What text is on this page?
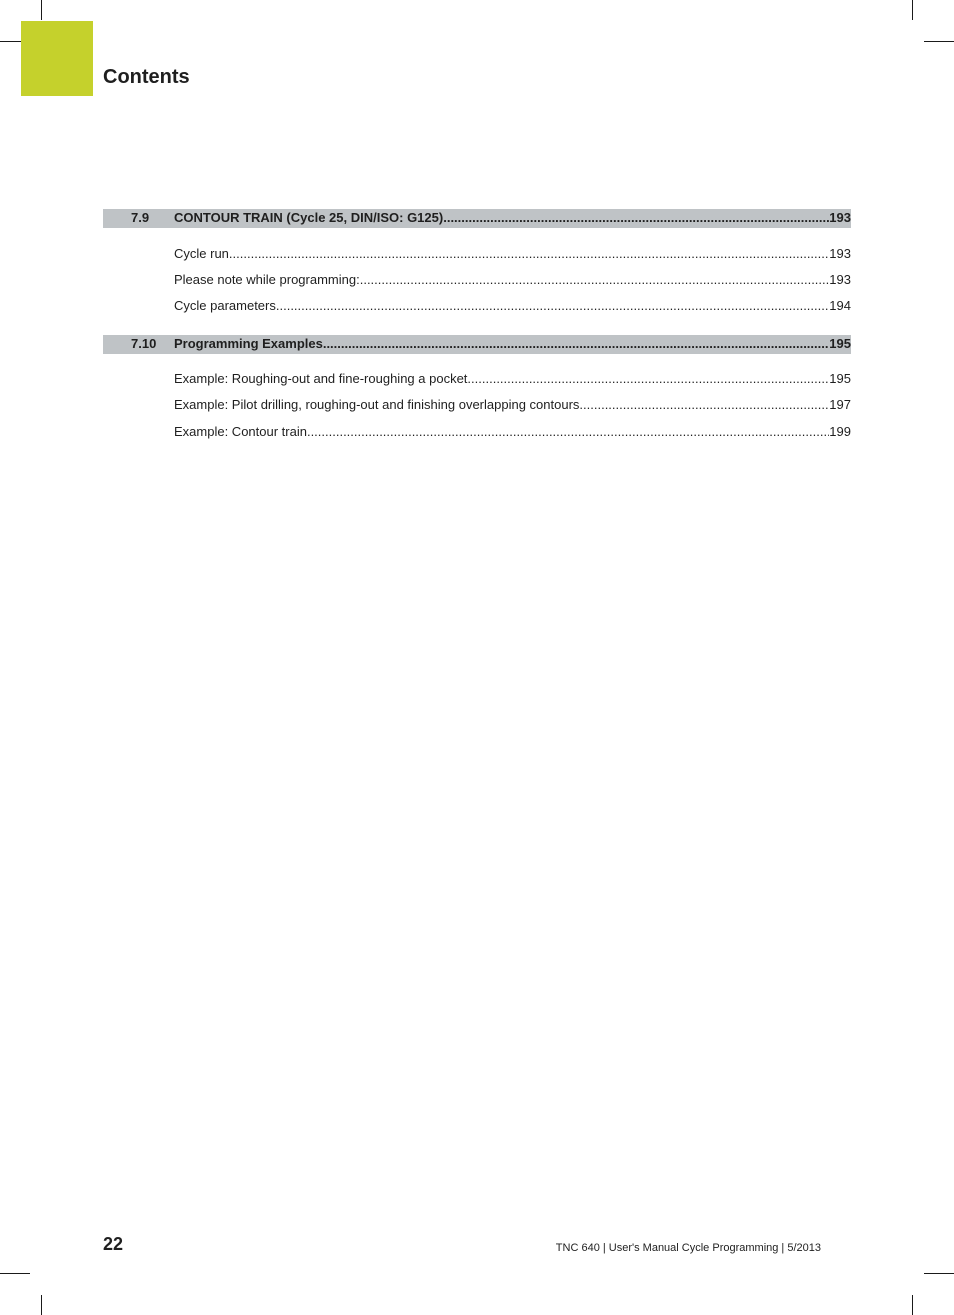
Contents
7.9 CONTOUR TRAIN (Cycle 25, DIN/ISO: G125) .....	193
Cycle run .....	193
Please note while programming: .....	193
Cycle parameters .....	194
7.10 Programming Examples .....	195
Example: Roughing-out and fine-roughing a pocket .....	195
Example: Pilot drilling, roughing-out and finishing overlapping contours .....	197
Example: Contour train .....	199
22	TNC 640 | User's Manual Cycle Programming | 5/2013
